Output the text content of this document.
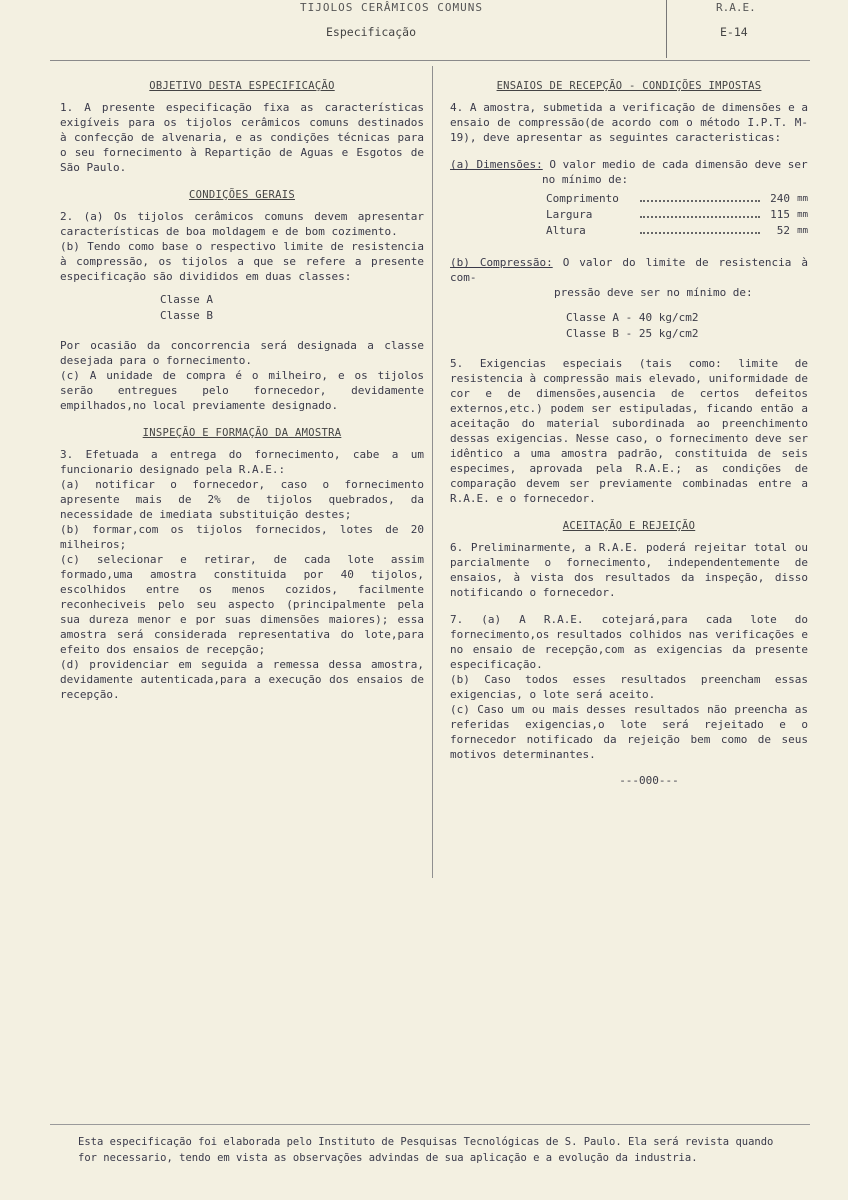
TIJOLOS CERÂMICOS COMUNS
Especificação
R.A.E.
E-14
OBJETIVO DESTA ESPECIFICAÇÃO

1. A presente especificação fixa as características exigíveis para os tijolos cerâmicos comuns destinados à confecção de alvenaria, e as condições técnicas para o seu fornecimento à Repartição de Aguas e Esgotos de São Paulo.

CONDIÇÕES GERAIS

2. (a) Os tijolos cerâmicos comuns devem apresentar características de boa moldagem e de bom cozimento.

(b) Tendo como base o respectivo limite de resistencia à compressão, os tijolos a que se refere a presente especificação são divididos em duas classes:

Classe A
Classe B

Por ocasião da concorrencia será designada a classe desejada para o fornecimento.

(c) A unidade de compra é o milheiro, e os tijolos serão entregues pelo fornecedor, devidamente empilhados,no local previamente designado.

INSPEÇÃO E FORMAÇÃO DA AMOSTRA

3. Efetuada a entrega do fornecimento, cabe a um funcionario designado pela R.A.E.:

(a) notificar o fornecedor, caso o fornecimento apresente mais de 2% de tijolos quebrados, da necessidade de imediata substituição destes;

(b) formar,com os tijolos fornecidos, lotes de 20 milheiros;

(c) selecionar e retirar, de cada lote assim formado,uma amostra constituida por 40 tijolos, escolhidos entre os menos cozidos, facilmente reconheciveis pelo seu aspecto (principalmente pela sua dureza menor e por suas dimensões maiores); essa amostra será considerada representativa do lote,para efeito dos ensaios de recepção;

(d) providenciar em seguida a remessa dessa amostra, devidamente autenticada,para a execução dos ensaios de recepção.

ENSAIOS DE RECEPÇÃO - CONDIÇÕES IMPOSTAS

4. A amostra, submetida a verificação de dimensões e a ensaio de compressão(de acordo com o método I.P.T. M-19), deve apresentar as seguintes caracteristicas:

(a) Dimensões: O valor medio de cada dimensão deve ser
no mínimo de:
Comprimento	240 mm
Largura	115 mm
Altura	52 mm
(b) Compressão: O valor do limite de resistencia à com-
pressão deve ser no mínimo de:
Classe A - 40 kg/cm2
Classe B - 25 kg/cm2

5. Exigencias especiais (tais como: limite de resistencia à compressão mais elevado, uniformidade de cor e de dimensões,ausencia de certos defeitos externos,etc.) podem ser estipuladas, ficando então a aceitação do material subordinada ao preenchimento dessas exigencias. Nesse caso, o fornecimento deve ser idêntico a uma amostra padrão, constituida de seis especimes, aprovada pela R.A.E.; as condições de comparação devem ser previamente combinadas entre a R.A.E. e o fornecedor.

ACEITAÇÃO E REJEIÇÃO

6. Preliminarmente, a R.A.E. poderá rejeitar total ou parcialmente o fornecimento, independentemente de ensaios, à vista dos resultados da inspeção, disso notificando o fornecedor.

7. (a) A R.A.E. cotejará,para cada lote do fornecimento,os resultados colhidos nas verificações e no ensaio de recepção,com as exigencias da presente especificação.

(b) Caso todos esses resultados preencham essas exigencias, o lote será aceito.

(c) Caso um ou mais desses resultados não preencha as referidas exigencias,o lote será rejeitado e o fornecedor notificado da rejeição bem como de seus motivos determinantes.

---000---
Esta especificação foi elaborada pelo Instituto de Pesquisas Tecnológicas de S. Paulo. Ela será revista quando for necessario, tendo em vista as observações advindas de sua aplicação e a evolução da industria.
